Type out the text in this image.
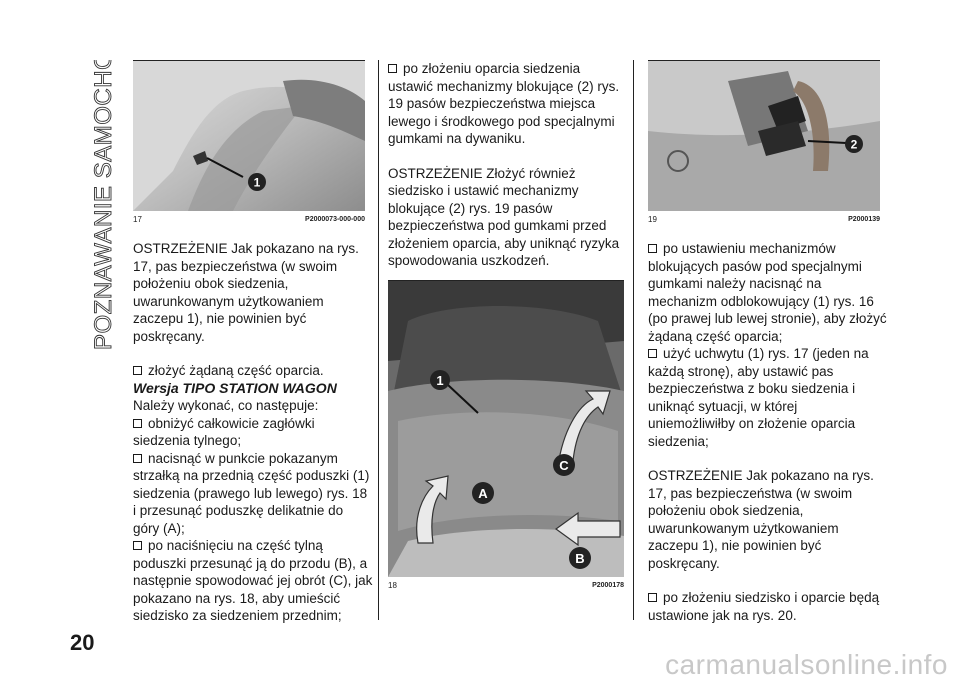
POZNAWANIE SAMOCHODU
20
1
17	P2000073-000-000

OSTRZEŻENIE Jak pokazano na rys. 17, pas bezpieczeństwa (w swoim położeniu obok siedzenia, uwarunkowanym użytkowaniem zaczepu 1), nie powinien być poskręcany.

złożyć żądaną część oparcia.

Wersja TIPO STATION WAGON

Należy wykonać, co następuje:

obniżyć całkowicie zagłówki siedzenia tylnego;

nacisnąć w punkcie pokazanym strzałką na przednią część poduszki (1) siedzenia (prawego lub lewego) rys. 18 i przesunąć poduszkę delikatnie do góry (A);

po naciśnięciu na część tylną poduszki przesunąć ją do przodu (B), a następnie spowodować jej obrót (C), jak pokazano na rys. 18, aby umieścić siedzisko za siedzeniem przednim;

po złożeniu oparcia siedzenia ustawić mechanizmy blokujące (2) rys. 19 pasów bezpieczeństwa miejsca lewego i środkowego pod specjalnymi gumkami na dywaniku.

OSTRZEŻENIE Złożyć również siedzisko i ustawić mechanizmy blokujące (2) rys. 19 pasów bezpieczeństwa pod gumkami przed złożeniem oparcia, aby uniknąć ryzyka spowodowania uszkodzeń.

1
C
A
B
18	P2000178
2
19	P2000139

po ustawieniu mechanizmów blokujących pasów pod specjalnymi gumkami należy nacisnąć na mechanizm odblokowujący (1) rys. 16 (po prawej lub lewej stronie), aby złożyć żądaną część oparcia;

użyć uchwytu (1) rys. 17 (jeden na każdą stronę), aby ustawić pas bezpieczeństwa z boku siedzenia i uniknąć sytuacji, w której uniemożliwiłby on złożenie oparcia siedzenia;

OSTRZEŻENIE Jak pokazano na rys. 17, pas bezpieczeństwa (w swoim położeniu obok siedzenia, uwarunkowanym użytkowaniem zaczepu 1), nie powinien być poskręcany.

po złożeniu siedzisko i oparcie będą ustawione jak na rys. 20.

carmanualsonline.info
